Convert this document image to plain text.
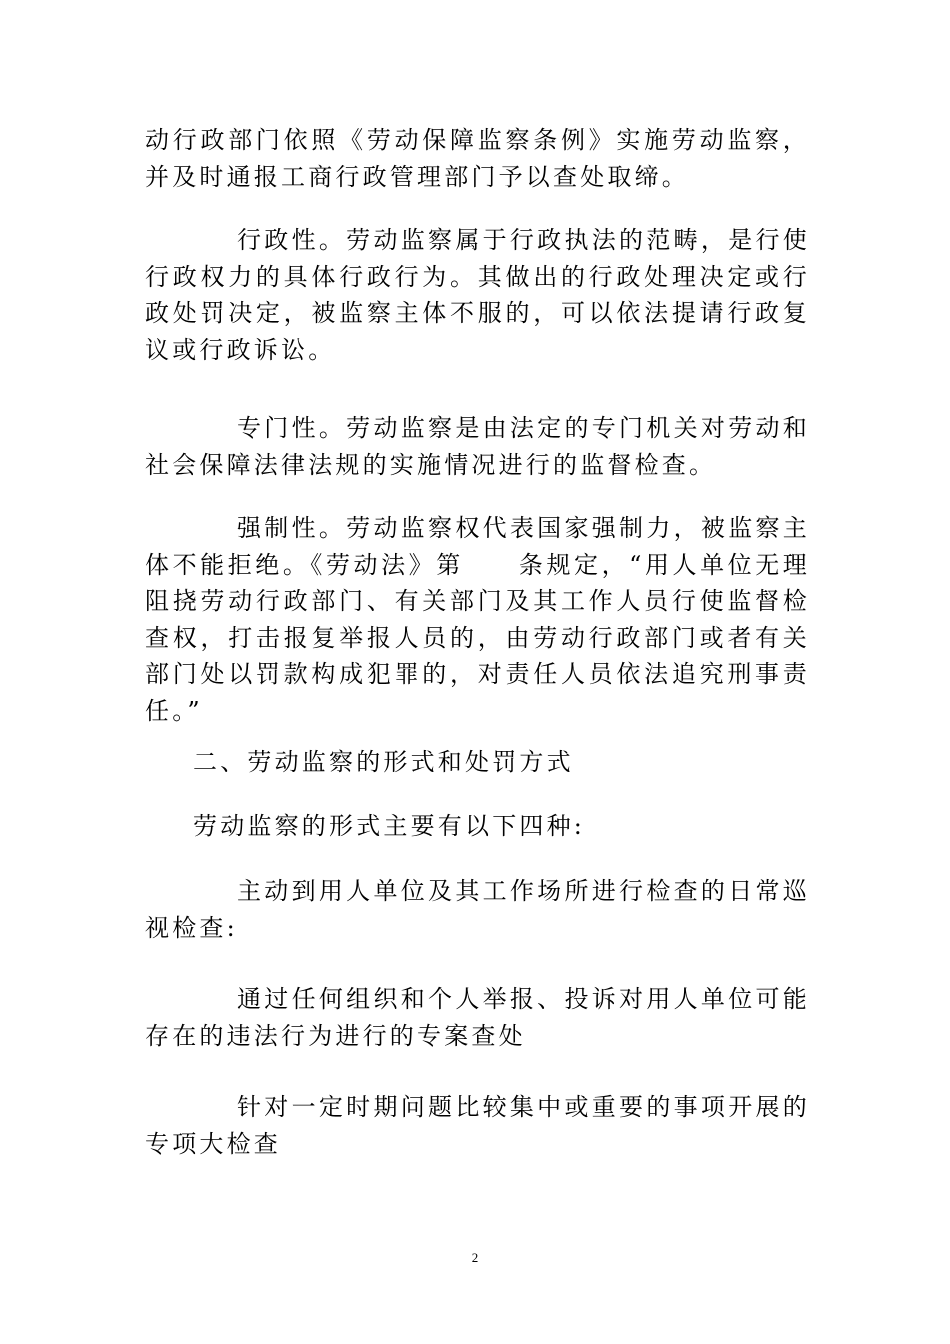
动行政部门依照《劳动保障监察条例》实施劳动监察，并及时通报工商行政管理部门予以查处取缔。

行政性。劳动监察属于行政执法的范畴，是行使行政权力的具体行政行为。其做出的行政处理决定或行政处罚决定，被监察主体不服的，可以依法提请行政复议或行政诉讼。

专门性。劳动监察是由法定的专门机关对劳动和社会保障法律法规的实施情况进行的监督检查。

强制性。劳动监察权代表国家强制力，被监察主体不能拒绝。《劳动法》第　　条规定，“用人单位无理阻挠劳动行政部门、有关部门及其工作人员行使监督检查权，打击报复举报人员的，由劳动行政部门或者有关部门处以罚款构成犯罪的，对责任人员依法追究刑事责任。”

二、劳动监察的形式和处罚方式

劳动监察的形式主要有以下四种:

主动到用人单位及其工作场所进行检查的日常巡视检查:

通过任何组织和个人举报、投诉对用人单位可能存在的违法行为进行的专案查处

针对一定时期问题比较集中或重要的事项开展的专项大检查

2
